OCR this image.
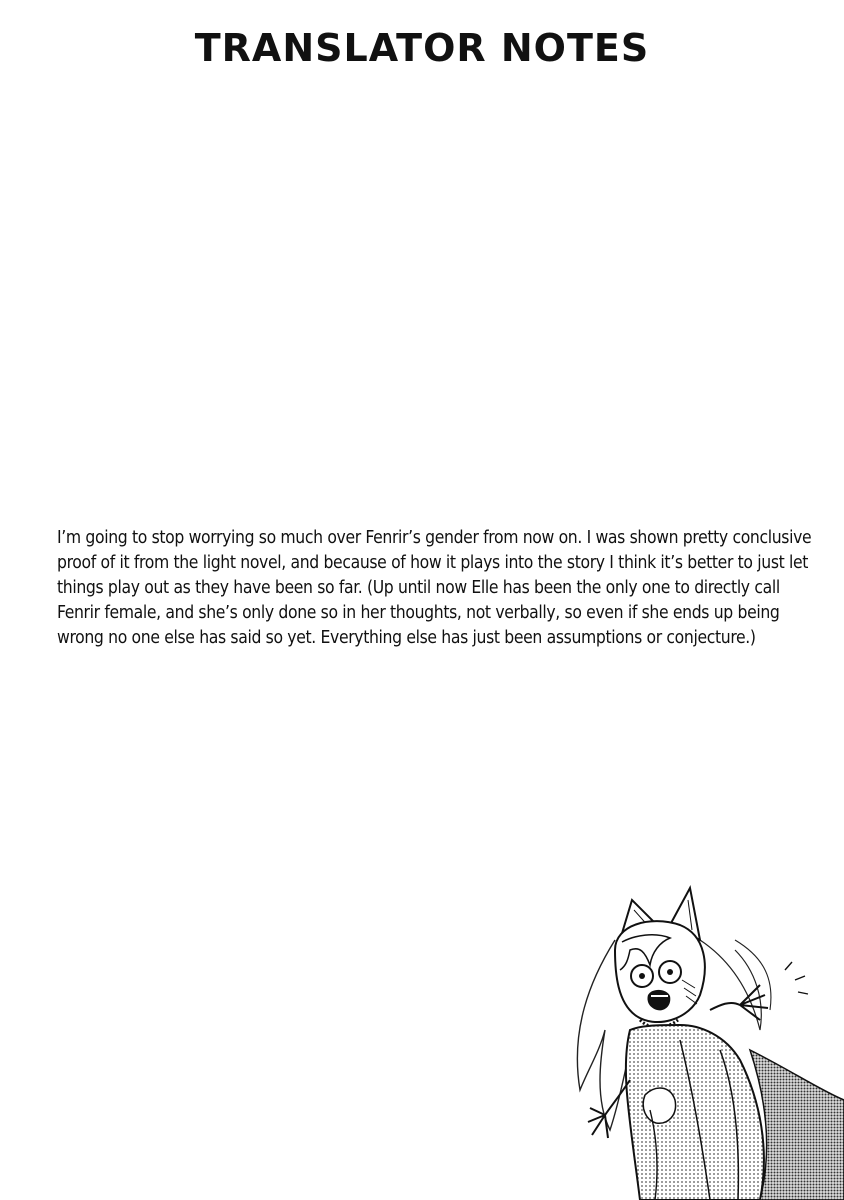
TRANSLATOR NOTES
I’m going to stop worrying so much over Fenrir’s gender from now on. I was shown pretty conclusive proof of it from the light novel, and because of how it plays into the story I think it’s better to just let things play out as they have been so far. (Up until now Elle has been the only one to directly call Fenrir female, and she’s only done so in her thoughts, not verbally, so even if she ends up being wrong no one else has said so yet. Everything else has just been assumptions or conjecture.)
